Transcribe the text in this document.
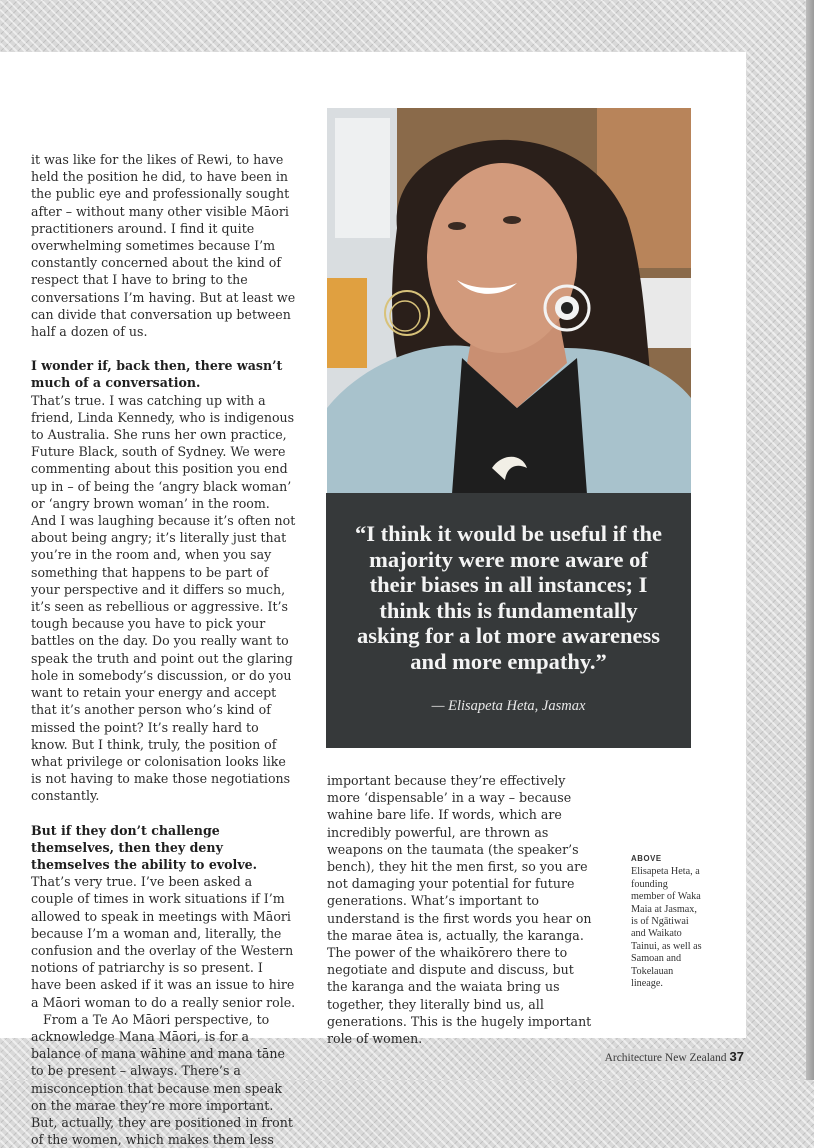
it was like for the likes of Rewi, to have held the position he did, to have been in the public eye and professionally sought after – without many other visible Māori practitioners around. I find it quite overwhelming sometimes because I’m constantly concerned about the kind of respect that I have to bring to the conversations I’m having. But at least we can divide that conversation up between half a dozen of us.

I wonder if, back then, there wasn’t much of a conversation.

That’s true. I was catching up with a friend, Linda Kennedy, who is indigenous to Australia. She runs her own practice, Future Black, south of Sydney. We were commenting about this position you end up in – of being the ‘angry black woman’ or ‘angry brown woman’ in the room. And I was laughing because it’s often not about being angry; it’s literally just that you’re in the room and, when you say something that happens to be part of your perspective and it differs so much, it’s seen as rebellious or aggressive. It’s tough because you have to pick your battles on the day. Do you really want to speak the truth and point out the glaring hole in somebody’s discussion, or do you want to retain your energy and accept that it’s another person who’s kind of missed the point? It’s really hard to know. But I think, truly, the position of what privilege or colonisation looks like is not having to make those negotiations constantly.

But if they don’t challenge themselves, then they deny themselves the ability to evolve.

That’s very true. I’ve been asked a couple of times in work situations if I’m allowed to speak in meetings with Māori because I’m a woman and, literally, the confusion and the overlay of the Western notions of patriarchy is so present. I have been asked if it was an issue to hire a Māori woman to do a really senior role.

From a Te Ao Māori perspective, to acknowledge Mana Māori, is for a balance of mana wāhine and mana tāne to be present – always. There’s a misconception that because men speak on the marae they’re more important. But, actually, they are positioned in front of the women, which makes them less

“I think it would be useful if the majority were more aware of their biases in all instances; I think this is fundamentally asking for a lot more awareness and more empathy.”
— Elisapeta Heta, Jasmax

important because they’re effectively more ‘dispensable’ in a way – because wahine bare life. If words, which are incredibly powerful, are thrown as weapons on the taumata (the speaker’s bench), they hit the men first, so you are not damaging your potential for future generations. What’s important to understand is the first words you hear on the marae ātea is, actually, the karanga. The power of the whaikōrero there to negotiate and dispute and discuss, but the karanga and the waiata bring us together, they literally bind us, all generations. This is the hugely important role of women.

ABOVE
Elisapeta Heta, a founding member of Waka Maia at Jasmax, is of Ngātiwai and Waikato Tainui, as well as Samoan and Tokelauan lineage.
Architecture New Zealand 37
